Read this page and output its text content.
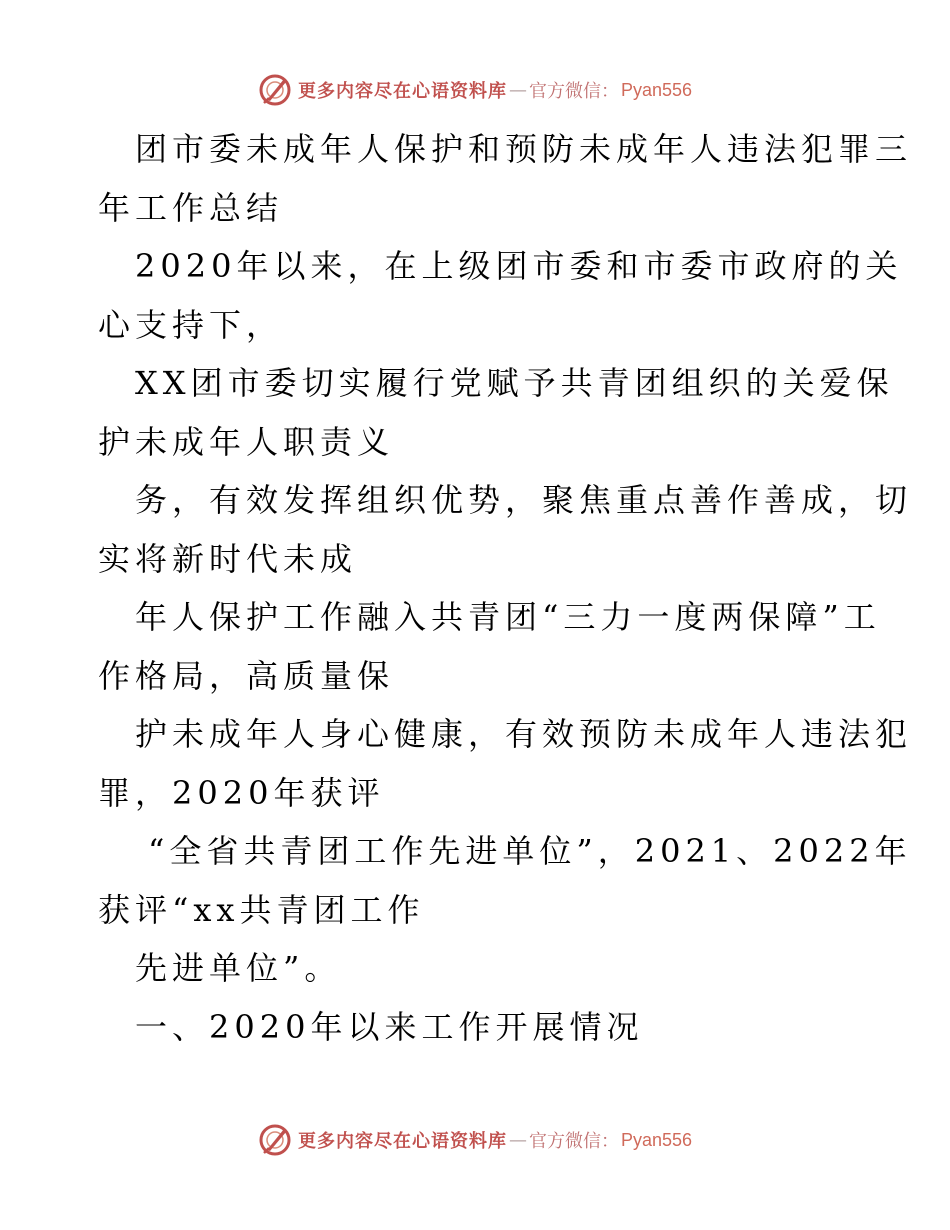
更多内容尽在心语资料库 — 官方微信： Pyan556

团市委未成年人保护和预防未成年人违法犯罪三

年工作总结

2020年以来，在上级团市委和市委市政府的关

心支持下，

XX团市委切实履行党赋予共青团组织的关爱保

护未成年人职责义

务，有效发挥组织优势，聚焦重点善作善成，切

实将新时代未成

年人保护工作融入共青团“三力一度两保障”工

作格局，高质量保

护未成年人身心健康，有效预防未成年人违法犯

罪，2020年获评

“全省共青团工作先进单位”，2021、2022年

获评“xx共青团工作

先进单位”。

一、2020年以来工作开展情况

更多内容尽在心语资料库 — 官方微信： Pyan556
